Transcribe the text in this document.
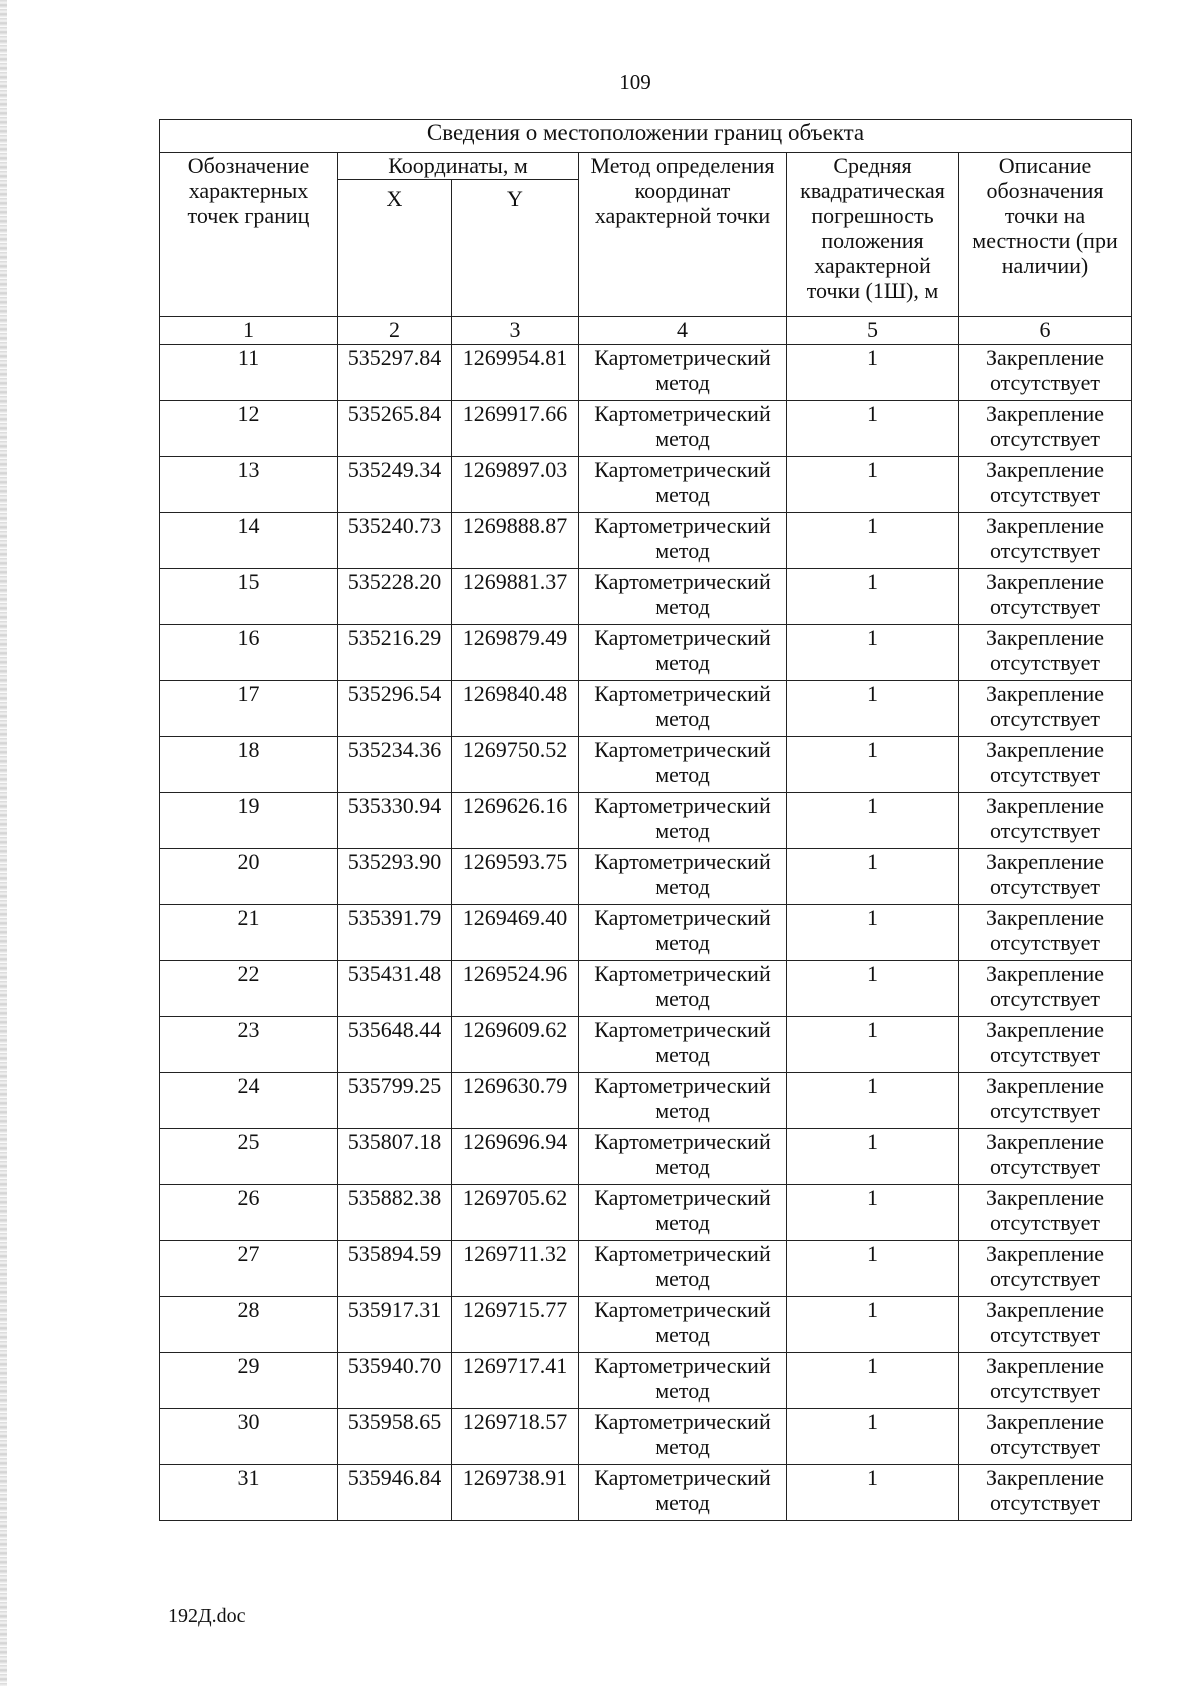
109
Сведения о местоположении границ объекта					
Обозначение характерных точек границ	Координаты, м		Метод определения координат характерной точки	Средняя квадратическая погрешность положения характерной точки (1Ш), м	Описание обозначения точки на местности (при наличии)
	X	Y			
1	2	3	4	5	6
11	535297.84	1269954.81	Картометрический метод	1	Закрепление отсутствует
12	535265.84	1269917.66	Картометрический метод	1	Закрепление отсутствует
13	535249.34	1269897.03	Картометрический метод	1	Закрепление отсутствует
14	535240.73	1269888.87	Картометрический метод	1	Закрепление отсутствует
15	535228.20	1269881.37	Картометрический метод	1	Закрепление отсутствует
16	535216.29	1269879.49	Картометрический метод	1	Закрепление отсутствует
17	535296.54	1269840.48	Картометрический метод	1	Закрепление отсутствует
18	535234.36	1269750.52	Картометрический метод	1	Закрепление отсутствует
19	535330.94	1269626.16	Картометрический метод	1	Закрепление отсутствует
20	535293.90	1269593.75	Картометрический метод	1	Закрепление отсутствует
21	535391.79	1269469.40	Картометрический метод	1	Закрепление отсутствует
22	535431.48	1269524.96	Картометрический метод	1	Закрепление отсутствует
23	535648.44	1269609.62	Картометрический метод	1	Закрепление отсутствует
24	535799.25	1269630.79	Картометрический метод	1	Закрепление отсутствует
25	535807.18	1269696.94	Картометрический метод	1	Закрепление отсутствует
26	535882.38	1269705.62	Картометрический метод	1	Закрепление отсутствует
27	535894.59	1269711.32	Картометрический метод	1	Закрепление отсутствует
28	535917.31	1269715.77	Картометрический метод	1	Закрепление отсутствует
29	535940.70	1269717.41	Картометрический метод	1	Закрепление отсутствует
30	535958.65	1269718.57	Картометрический метод	1	Закрепление отсутствует
31	535946.84	1269738.91	Картометрический метод	1	Закрепление отсутствует
192Д.doc
